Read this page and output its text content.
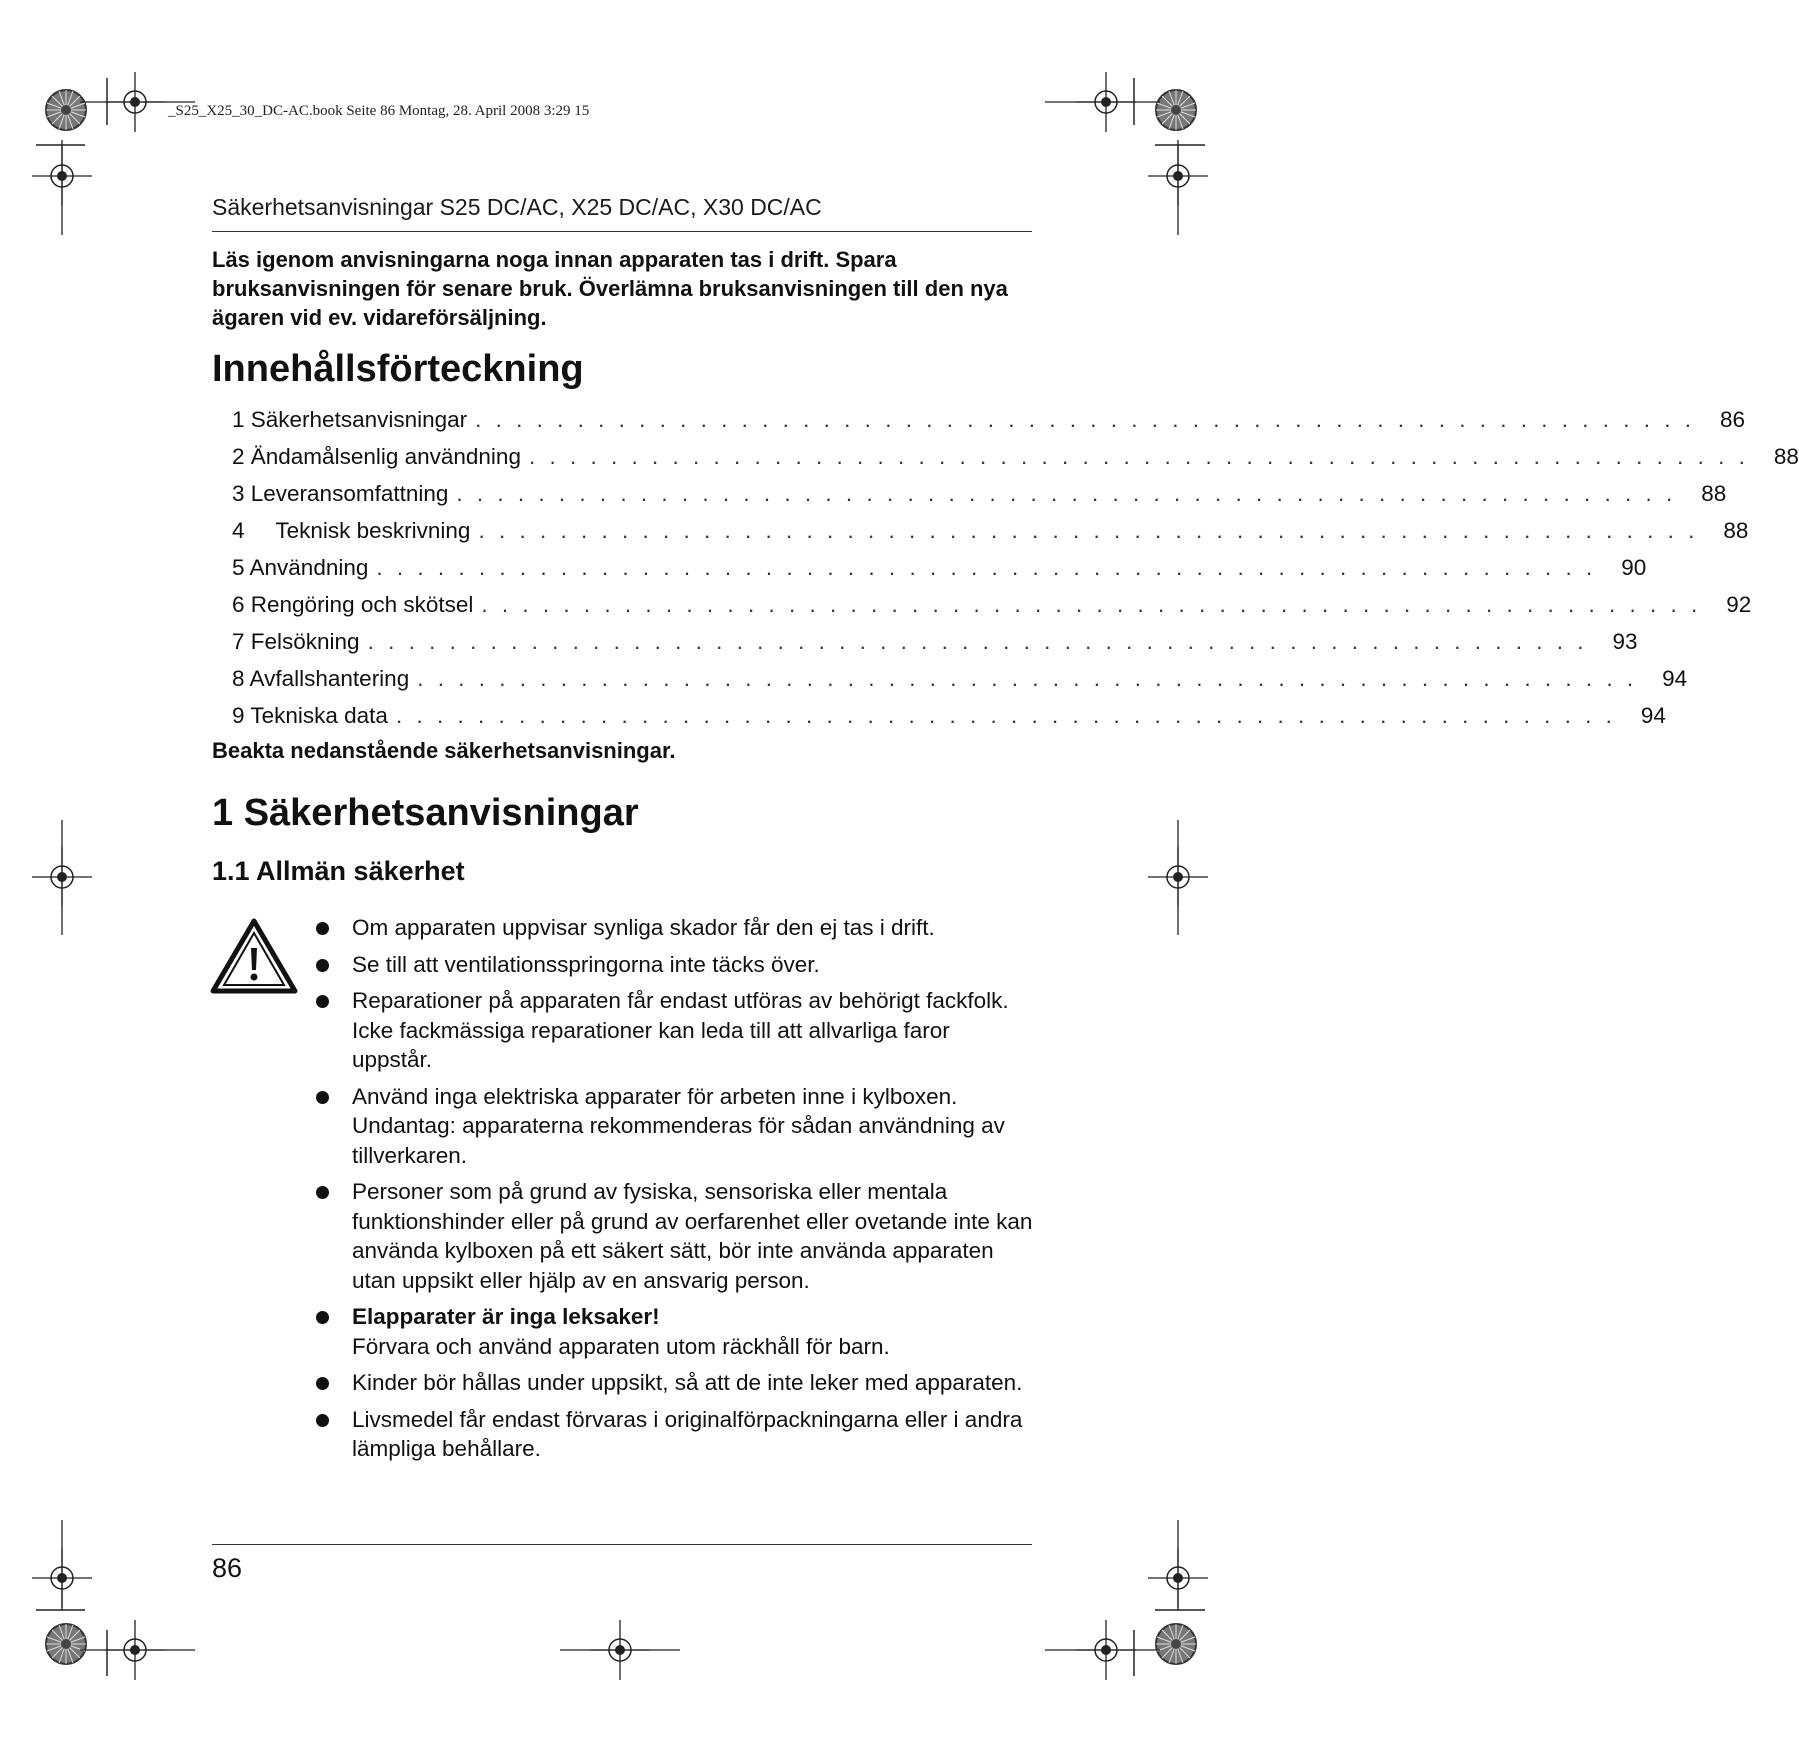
_S25_X25_30_DC-AC.book Seite 86 Montag, 28. April 2008 3:29 15
Säkerhetsanvisningar S25 DC/AC, X25 DC/AC, X30 DC/AC
Läs igenom anvisningarna noga innan apparaten tas i drift. Spara bruksanvisningen för senare bruk. Överlämna bruksanvisningen till den nya ägaren vid ev. vidareförsäljning.
Innehållsförteckning
1 Säkerhetsanvisningar . . . . . . . . . . . . . . . . . . . . . . . . . . . . . . . . . . . . . . . . . . . . . . . . . . . . . . . . . . . .	86
2 Ändamålsenlig användning . . . . . . . . . . . . . . . . . . . . . . . . . . . . . . . . . . . . . . . . . . . . . . . . . . . . . . . . . . . .	88
3 Leveransomfattning . . . . . . . . . . . . . . . . . . . . . . . . . . . . . . . . . . . . . . . . . . . . . . . . . . . . . . . . . . . .	88
4     Teknisk beskrivning . . . . . . . . . . . . . . . . . . . . . . . . . . . . . . . . . . . . . . . . . . . . . . . . . . . . . . . . . . . .	88
5 Användning . . . . . . . . . . . . . . . . . . . . . . . . . . . . . . . . . . . . . . . . . . . . . . . . . . . . . . . . . . . .	90
6 Rengöring och skötsel . . . . . . . . . . . . . . . . . . . . . . . . . . . . . . . . . . . . . . . . . . . . . . . . . . . . . . . . . . . .	92
7 Felsökning . . . . . . . . . . . . . . . . . . . . . . . . . . . . . . . . . . . . . . . . . . . . . . . . . . . . . . . . . . . .	93
8 Avfallshantering . . . . . . . . . . . . . . . . . . . . . . . . . . . . . . . . . . . . . . . . . . . . . . . . . . . . . . . . . . . .	94
9 Tekniska data . . . . . . . . . . . . . . . . . . . . . . . . . . . . . . . . . . . . . . . . . . . . . . . . . . . . . . . . . . . .	94
Beakta nedanstående säkerhetsanvisningar.
1 Säkerhetsanvisningar
1.1 Allmän säkerhet
Om apparaten uppvisar synliga skador får den ej tas i drift.
Se till att ventilationsspringorna inte täcks över.
Reparationer på apparaten får endast utföras av behörigt fackfolk. Icke fackmässiga reparationer kan leda till att allvarliga faror uppstår.
Använd inga elektriska apparater för arbeten inne i kylboxen. Undantag: apparaterna rekommenderas för sådan användning av tillverkaren.
Personer som på grund av fysiska, sensoriska eller mentala funktionshinder eller på grund av oerfarenhet eller ovetande inte kan använda kylboxen på ett säkert sätt, bör inte använda apparaten utan uppsikt eller hjälp av en ansvarig person.
Elapparater är inga leksaker!
Förvara och använd apparaten utom räckhåll för barn.
Kinder bör hållas under uppsikt, så att de inte leker med apparaten.
Livsmedel får endast förvaras i originalförpackningarna eller i andra lämpliga behållare.
86
